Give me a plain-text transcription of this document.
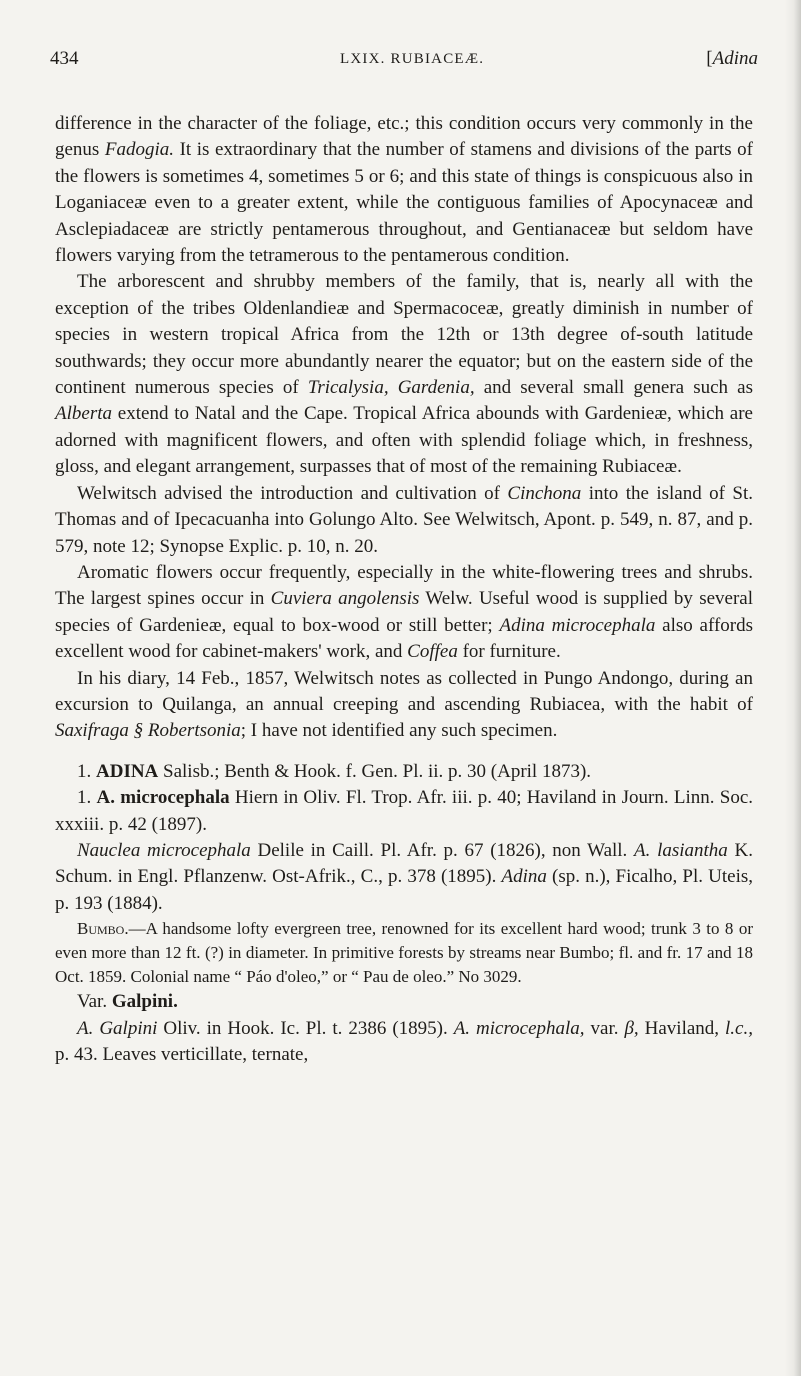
434	LXIX. RUBIACEÆ.	[Adina

difference in the character of the foliage, etc.; this condition occurs very commonly in the genus Fadogia. It is extraordinary that the number of stamens and divisions of the parts of the flowers is sometimes 4, sometimes 5 or 6; and this state of things is conspicuous also in Loganiaceæ even to a greater extent, while the contiguous families of Apocynaceæ and Asclepiadaceæ are strictly pentamerous throughout, and Gentianaceæ but seldom have flowers varying from the tetramerous to the pentamerous condition.

The arborescent and shrubby members of the family, that is, nearly all with the exception of the tribes Oldenlandieæ and Spermacoceæ, greatly diminish in number of species in western tropical Africa from the 12th or 13th degree of-south latitude southwards; they occur more abundantly nearer the equator; but on the eastern side of the continent numerous species of Tricalysia, Gardenia, and several small genera such as Alberta extend to Natal and the Cape. Tropical Africa abounds with Gardenieæ, which are adorned with magnificent flowers, and often with splendid foliage which, in freshness, gloss, and elegant arrangement, surpasses that of most of the remaining Rubiaceæ.

Welwitsch advised the introduction and cultivation of Cinchona into the island of St. Thomas and of Ipecacuanha into Golungo Alto. See Welwitsch, Apont. p. 549, n. 87, and p. 579, note 12; Synopse Explic. p. 10, n. 20.

Aromatic flowers occur frequently, especially in the white-flowering trees and shrubs. The largest spines occur in Cuviera angolensis Welw. Useful wood is supplied by several species of Gardenieæ, equal to box-wood or still better; Adina microcephala also affords excellent wood for cabinet-makers' work, and Coffea for furniture.

In his diary, 14 Feb., 1857, Welwitsch notes as collected in Pungo Andongo, during an excursion to Quilanga, an annual creeping and ascending Rubiacea, with the habit of Saxifraga § Robertsonia; I have not identified any such specimen.

1. ADINA Salisb.; Benth & Hook. f. Gen. Pl. ii. p. 30 (April 1873).

1. A. microcephala Hiern in Oliv. Fl. Trop. Afr. iii. p. 40; Haviland in Journ. Linn. Soc. xxxiii. p. 42 (1897).

Nauclea microcephala Delile in Caill. Pl. Afr. p. 67 (1826), non Wall. A. lasiantha K. Schum. in Engl. Pflanzenw. Ost-Afrik., C., p. 378 (1895). Adina (sp. n.), Ficalho, Pl. Uteis, p. 193 (1884).

Bumbo.—A handsome lofty evergreen tree, renowned for its excellent hard wood; trunk 3 to 8 or even more than 12 ft. (?) in diameter. In primitive forests by streams near Bumbo; fl. and fr. 17 and 18 Oct. 1859. Colonial name “ Páo d'oleo,” or “ Pau de oleo.” No 3029.

Var. Galpini.

A. Galpini Oliv. in Hook. Ic. Pl. t. 2386 (1895). A. microcephala, var. β, Haviland, l.c., p. 43. Leaves verticillate, ternate,
